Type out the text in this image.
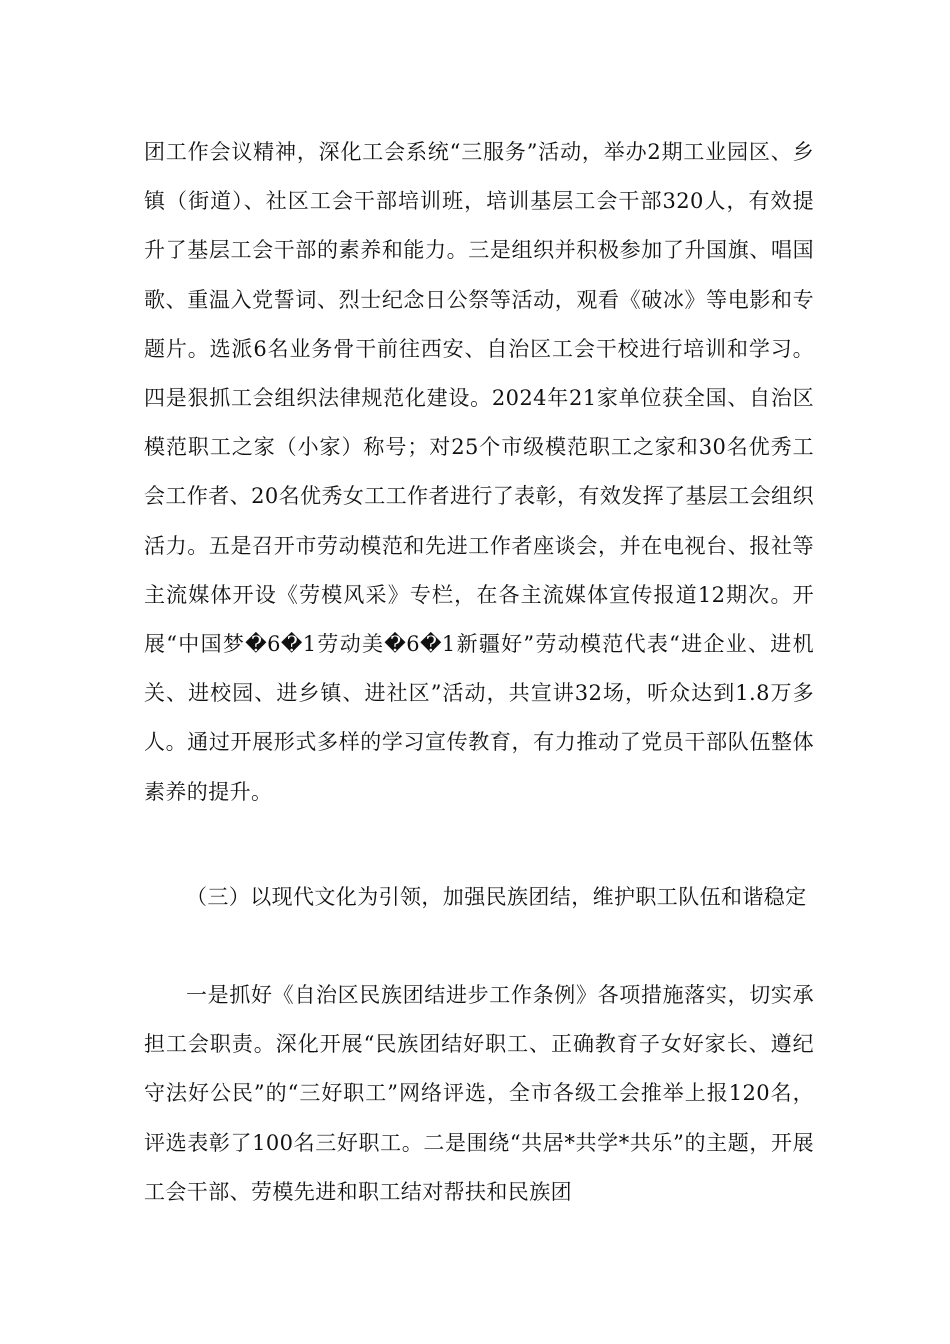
团工作会议精神，深化工会系统“三服务”活动，举办2期工业园区、乡镇（街道）、社区工会干部培训班，培训基层工会干部320人，有效提升了基层工会干部的素养和能力。三是组织并积极参加了升国旗、唱国歌、重温入党誓词、烈士纪念日公祭等活动，观看《破冰》等电影和专题片。选派6名业务骨干前往西安、自治区工会干校进行培训和学习。四是狠抓工会组织法律规范化建设。2024年21家单位获全国、自治区模范职工之家（小家）称号；对25个市级模范职工之家和30名优秀工会工作者、20名优秀女工工作者进行了表彰，有效发挥了基层工会组织活力。五是召开市劳动模范和先进工作者座谈会，并在电视台、报社等主流媒体开设《劳模风采》专栏，在各主流媒体宣传报道12期次。开展“中国梦�6�1劳动美�6�1新疆好”劳动模范代表“进企业、进机关、进校园、进乡镇、进社区”活动，共宣讲32场，听众达到1.8万多人。通过开展形式多样的学习宣传教育，有力推动了党员干部队伍整体素养的提升。

（三）以现代文化为引领，加强民族团结，维护职工队伍和谐稳定

一是抓好《自治区民族团结进步工作条例》各项措施落实，切实承担工会职责。深化开展“民族团结好职工、正确教育子女好家长、遵纪守法好公民”的“三好职工”网络评选，全市各级工会推举上报120名，评选表彰了100名三好职工。二是围绕“共居*共学*共乐”的主题，开展工会干部、劳模先进和职工结对帮扶和民族团
